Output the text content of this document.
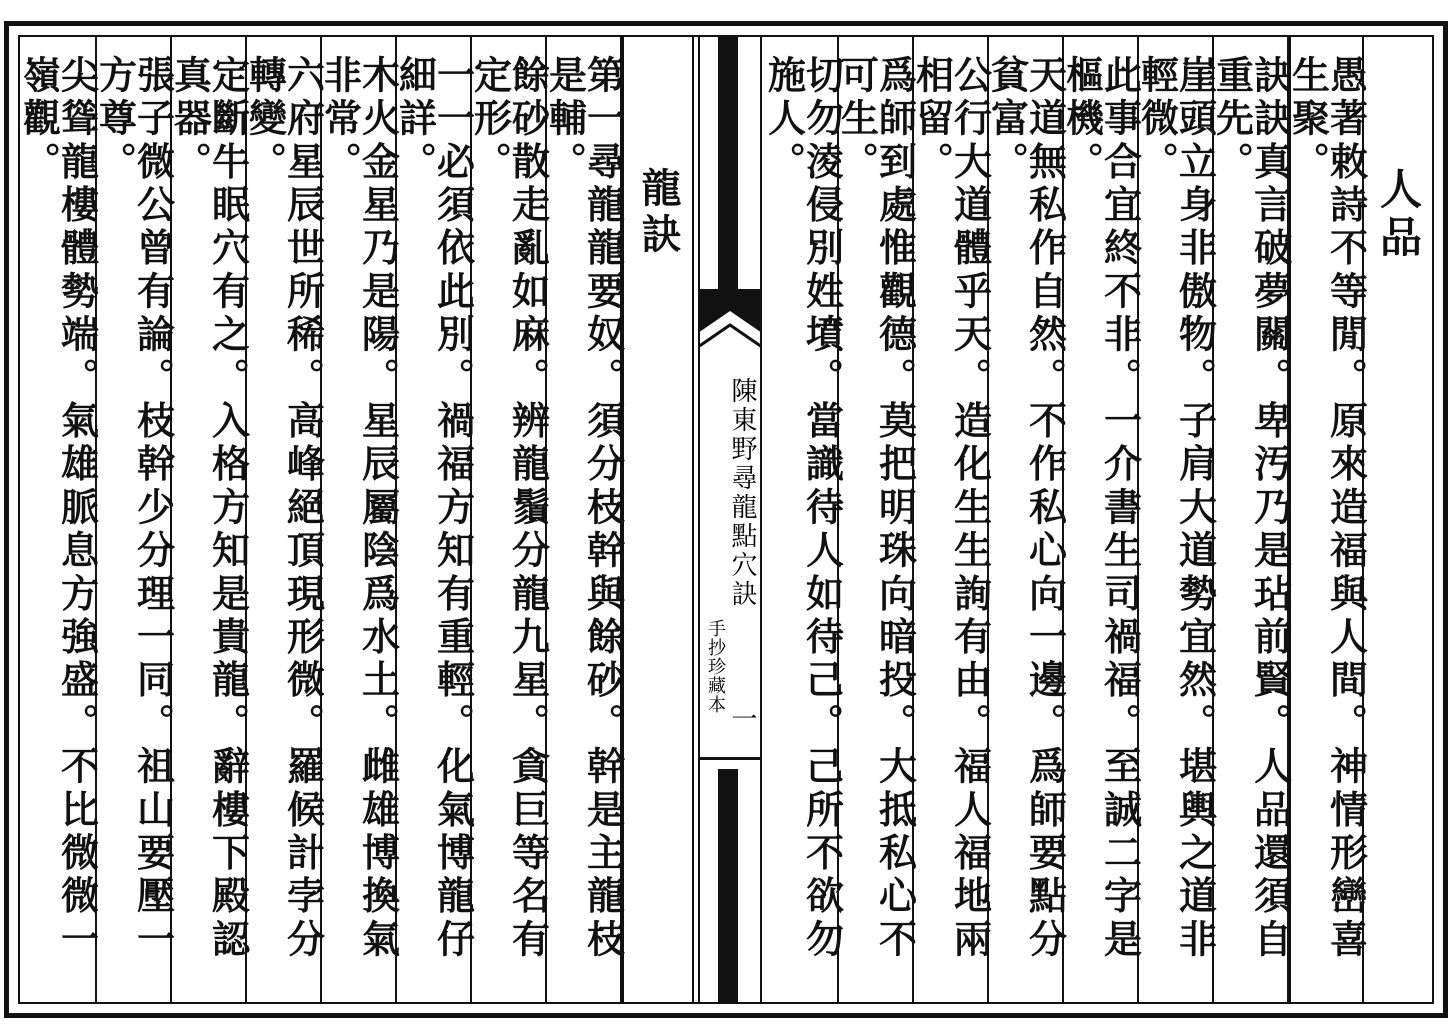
人品
愚著敕詩不等閒。原來造福與人間。神情形巒喜生聚。
訣訣真言破夢關。卑汚乃是玷前賢。人品還須自重先。
崖頭立身非傲物。子肩大道勢宜然。堪輿之道非輕微。
此事合宜終不非。一介書生司禍福。至誠二字是樞機。
天道無私作自然。不作私心向一邊。爲師要點分貧富。
公行大道體乎天。造化生生詢有由。福人福地兩相留。
爲師到處惟觀德。莫把明珠向暗投。大抵私心不可生。
切勿淩侵別姓墳。當識待人如待己。己所不欲勿施人。
陳東野尋龍點穴訣
一
手抄珍藏本
龍訣
第一尋龍龍要奴。須分枝幹與餘砂。幹是主龍枝是輔。
餘砂散走亂如麻。辨龍鬚分龍九星。貪巨等名有定形。
一一必須依此別。禍福方知有重輕。化氣博龍仔細詳。
木火金星乃是陽。星辰屬陰爲水土。雌雄博換氣非常。
六府星辰世所稀。高峰絕頂現形微。羅候計孛分轉變。
定斷牛眠穴有之。入格方知是貴龍。辭樓下殿認真器。
張子微公曾有論。枝幹少分理一同。祖山要壓一方尊。
尖聳龍樓體勢端。氣雄脈息方強盛。不比微微一嶺觀。
